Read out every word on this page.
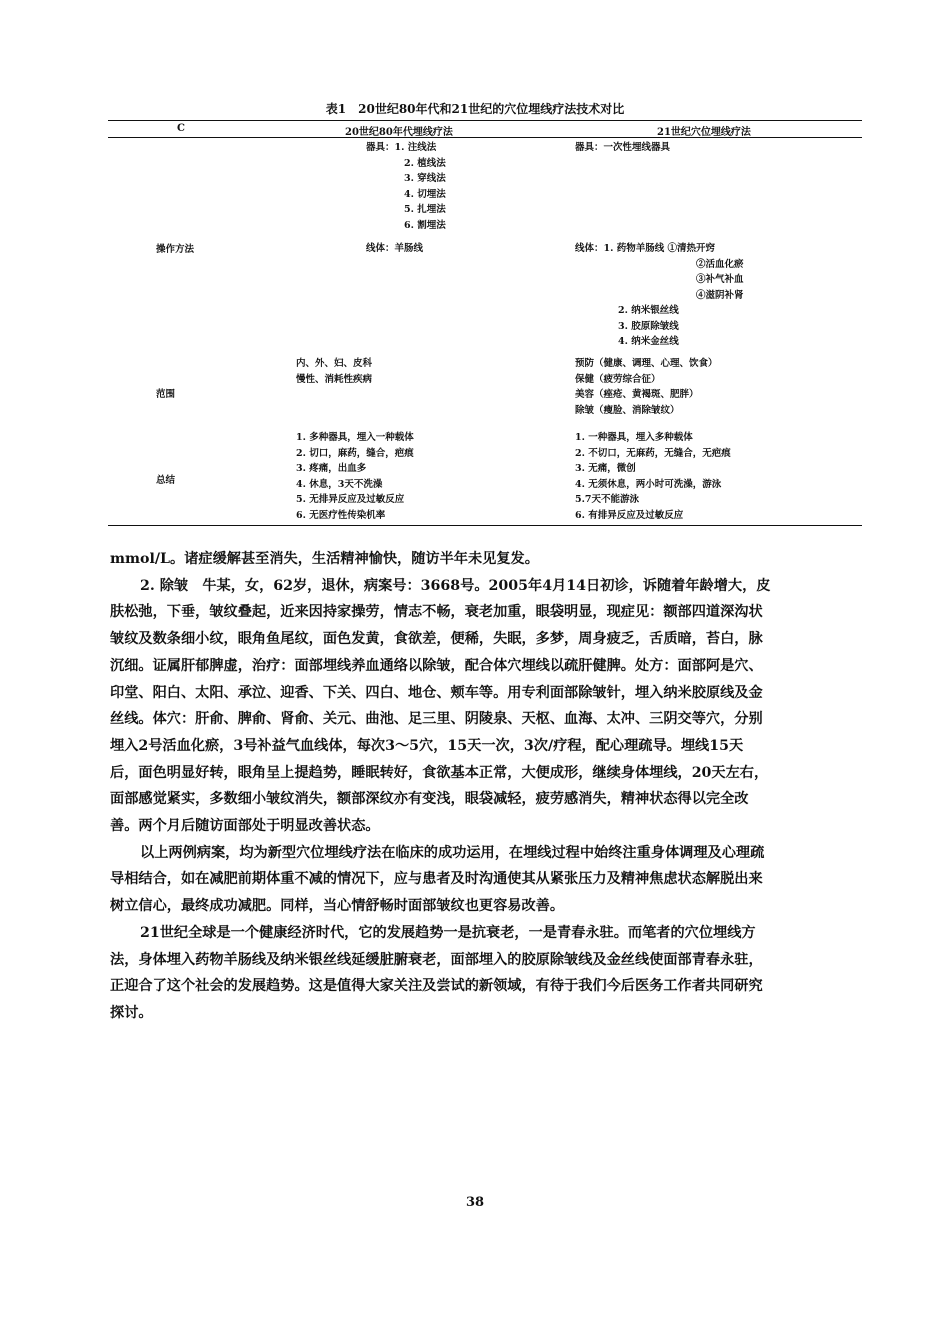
表1　20世纪80年代和21世纪的穴位埋线疗法技术对比
C	20世纪80年代埋线疗法	21世纪穴位埋线疗法
操作方法
器具：1. 注线法
2. 植线法
3. 穿线法
4. 切埋法
5. 扎埋法
6. 割埋法
线体：羊肠线
器具：一次性埋线器具
线体：1. 药物羊肠线 ①清热开窍
②活血化瘀
③补气补血
④滋阴补肾
2. 纳米银丝线
3. 胶原除皱线
4. 纳米金丝线
范围
内、外、妇、皮科
慢性、消耗性疾病
预防（健康、调理、心理、饮食）
保健（疲劳综合征）
美容（痤疮、黄褐斑、肥胖）
除皱（瘦脸、消除皱纹）
总结
1. 多种器具，埋入一种载体
2. 切口，麻药，缝合，疤痕
3. 疼痛，出血多
4. 休息，3天不洗澡
5. 无排异反应及过敏反应
6. 无医疗性传染机率
1. 一种器具，埋入多种载体
2. 不切口，无麻药，无缝合，无疤痕
3. 无痛，微创
4. 无须休息，两小时可洗澡，游泳
5.7天不能游泳
6. 有排异反应及过敏反应

mmol/L。诸症缓解甚至消失，生活精神愉快，随访半年未见复发。

2. 除皱　牛某，女，62岁，退休，病案号：3668号。2005年4月14日初诊，诉随着年龄增大，皮

肤松弛，下垂，皱纹叠起，近来因持家操劳，情志不畅，衰老加重，眼袋明显，现症见：额部四道深沟状

皱纹及数条细小纹，眼角鱼尾纹，面色发黄，食欲差，便稀，失眠，多梦，周身疲乏，舌质暗，苔白，脉

沉细。证属肝郁脾虚，治疗：面部埋线养血通络以除皱，配合体穴埋线以疏肝健脾。处方：面部阿是穴、

印堂、阳白、太阳、承泣、迎香、下关、四白、地仓、颊车等。用专利面部除皱针，埋入纳米胶原线及金

丝线。体穴：肝俞、脾俞、肾俞、关元、曲池、足三里、阴陵泉、天枢、血海、太冲、三阴交等穴，分别

埋入2号活血化瘀，3号补益气血线体，每次3～5穴，15天一次，3次/疗程，配心理疏导。埋线15天

后，面色明显好转，眼角呈上提趋势，睡眠转好，食欲基本正常，大便成形，继续身体埋线，20天左右，

面部感觉紧实，多数细小皱纹消失，额部深纹亦有变浅，眼袋减轻，疲劳感消失，精神状态得以完全改

善。两个月后随访面部处于明显改善状态。

以上两例病案，均为新型穴位埋线疗法在临床的成功运用，在埋线过程中始终注重身体调理及心理疏

导相结合，如在减肥前期体重不减的情况下，应与患者及时沟通使其从紧张压力及精神焦虑状态解脱出来

树立信心，最终成功减肥。同样，当心情舒畅时面部皱纹也更容易改善。

21世纪全球是一个健康经济时代，它的发展趋势一是抗衰老，一是青春永驻。而笔者的穴位埋线方

法，身体埋入药物羊肠线及纳米银丝线延缓脏腑衰老，面部埋入的胶原除皱线及金丝线使面部青春永驻，

正迎合了这个社会的发展趋势。这是值得大家关注及尝试的新领域，有待于我们今后医务工作者共同研究

探讨。

38
